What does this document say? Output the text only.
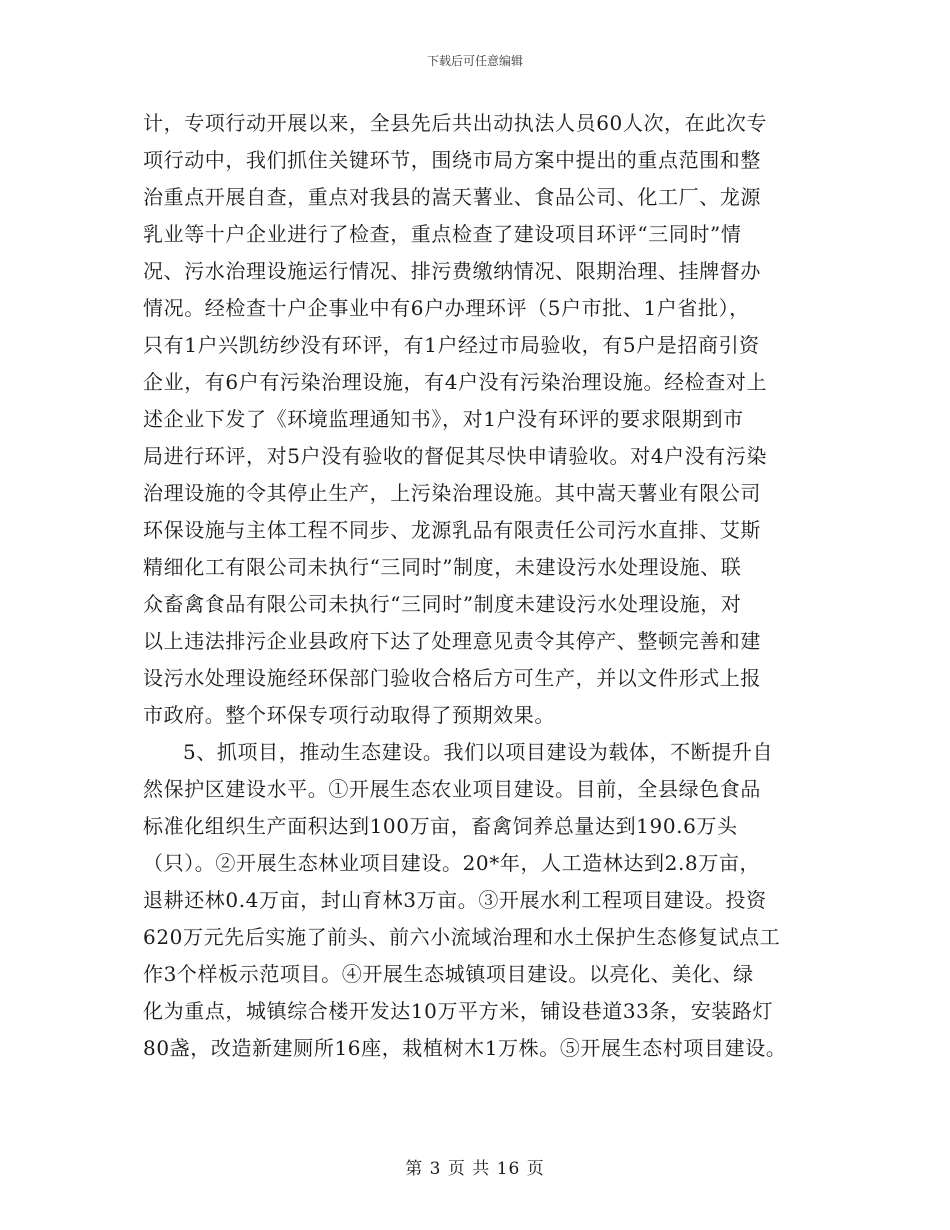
下载后可任意编辑
计，专项行动开展以来，全县先后共出动执法人员60人次，在此次专
项行动中，我们抓住关键环节，围绕市局方案中提出的重点范围和整
治重点开展自查，重点对我县的嵩天薯业、食品公司、化工厂、龙源
乳业等十户企业进行了检查，重点检查了建设项目环评“三同时”情
况、污水治理设施运行情况、排污费缴纳情况、限期治理、挂牌督办
情况。经检查十户企事业中有6户办理环评（5户市批、1户省批），
只有1户兴凯纺纱没有环评，有1户经过市局验收，有5户是招商引资
企业，有6户有污染治理设施，有4户没有污染治理设施。经检查对上
述企业下发了《环境监理通知书》，对1户没有环评的要求限期到市
局进行环评，对5户没有验收的督促其尽快申请验收。对4户没有污染
治理设施的令其停止生产，上污染治理设施。其中嵩天薯业有限公司
环保设施与主体工程不同步、龙源乳品有限责任公司污水直排、艾斯
精细化工有限公司未执行“三同时”制度，未建设污水处理设施、联
众畜禽食品有限公司未执行“三同时”制度未建设污水处理设施，对
以上违法排污企业县政府下达了处理意见责令其停产、整顿完善和建
设污水处理设施经环保部门验收合格后方可生产，并以文件形式上报
市政府。整个环保专项行动取得了预期效果。
5、抓项目，推动生态建设。我们以项目建设为载体，不断提升自
然保护区建设水平。①开展生态农业项目建设。目前，全县绿色食品
标准化组织生产面积达到100万亩，畜禽饲养总量达到190.6万头
（只）。②开展生态林业项目建设。20*年，人工造林达到2.8万亩，
退耕还林0.4万亩，封山育林3万亩。③开展水利工程项目建设。投资
620万元先后实施了前头、前六小流域治理和水土保护生态修复试点工
作3个样板示范项目。④开展生态城镇项目建设。以亮化、美化、绿
化为重点，城镇综合楼开发达10万平方米，铺设巷道33条，安装路灯
80盏，改造新建厕所16座，栽植树木1万株。⑤开展生态村项目建设。
第 3 页 共 16 页
